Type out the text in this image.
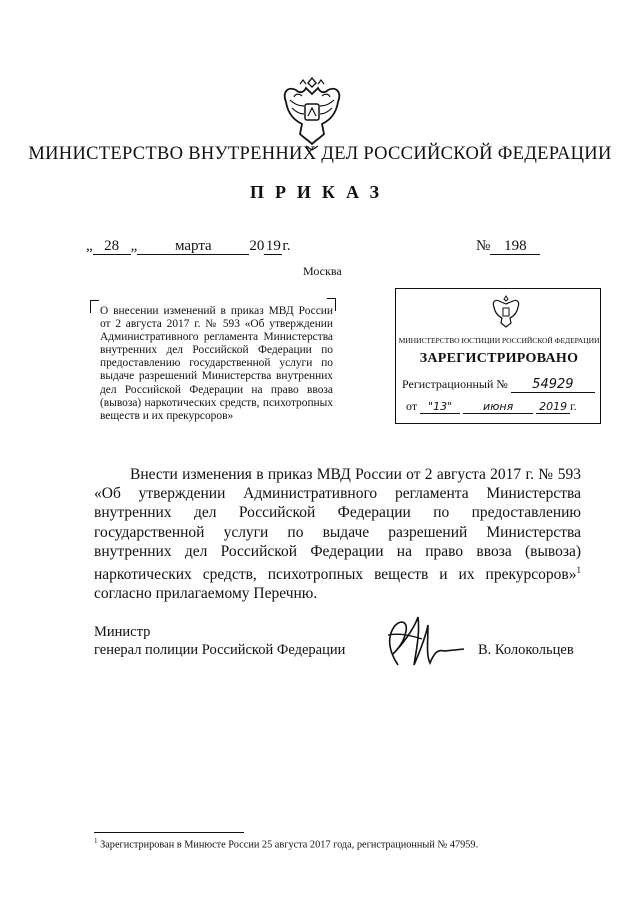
МИНИСТЕРСТВО ВНУТРЕННИХ ДЕЛ РОССИЙСКОЙ ФЕДЕРАЦИИ
ПРИКАЗ
„ 28 „	марта	20 19 г.	№ 198
Москва
О внесении изменений в приказ МВД России от 2 августа 2017 г. № 593 «Об утверждении Административного регламента Министерства внутренних дел Российской Федерации по предоставлению государственной услуги по выдаче разрешений Министерства внутренних дел Российской Федерации на право ввоза (вывоза) наркотических средств, психотропных веществ и их прекурсоров»
МИНИСТЕРСТВО ЮСТИЦИИ РОССИЙСКОЙ ФЕДЕРАЦИИ
ЗАРЕГИСТРИРОВАНО
Регистрационный № 54929
от "13"	июня 2019 г.

Внести изменения в приказ МВД России от 2 августа 2017 г. № 593 «Об утверждении Административного регламента Министерства внутренних дел Российской Федерации по предоставлению государственной услуги по выдаче разрешений Министерства внутренних дел Российской Федерации на право ввоза (вывоза) наркотических средств, психотропных веществ и их прекурсоров»$^1$ согласно прилагаемому Перечню.

Министр
генерал полиции Российской Федерации	В. Колокольцев
$^1$ Зарегистрирован в Минюсте России 25 августа 2017 года, регистрационный № 47959.
